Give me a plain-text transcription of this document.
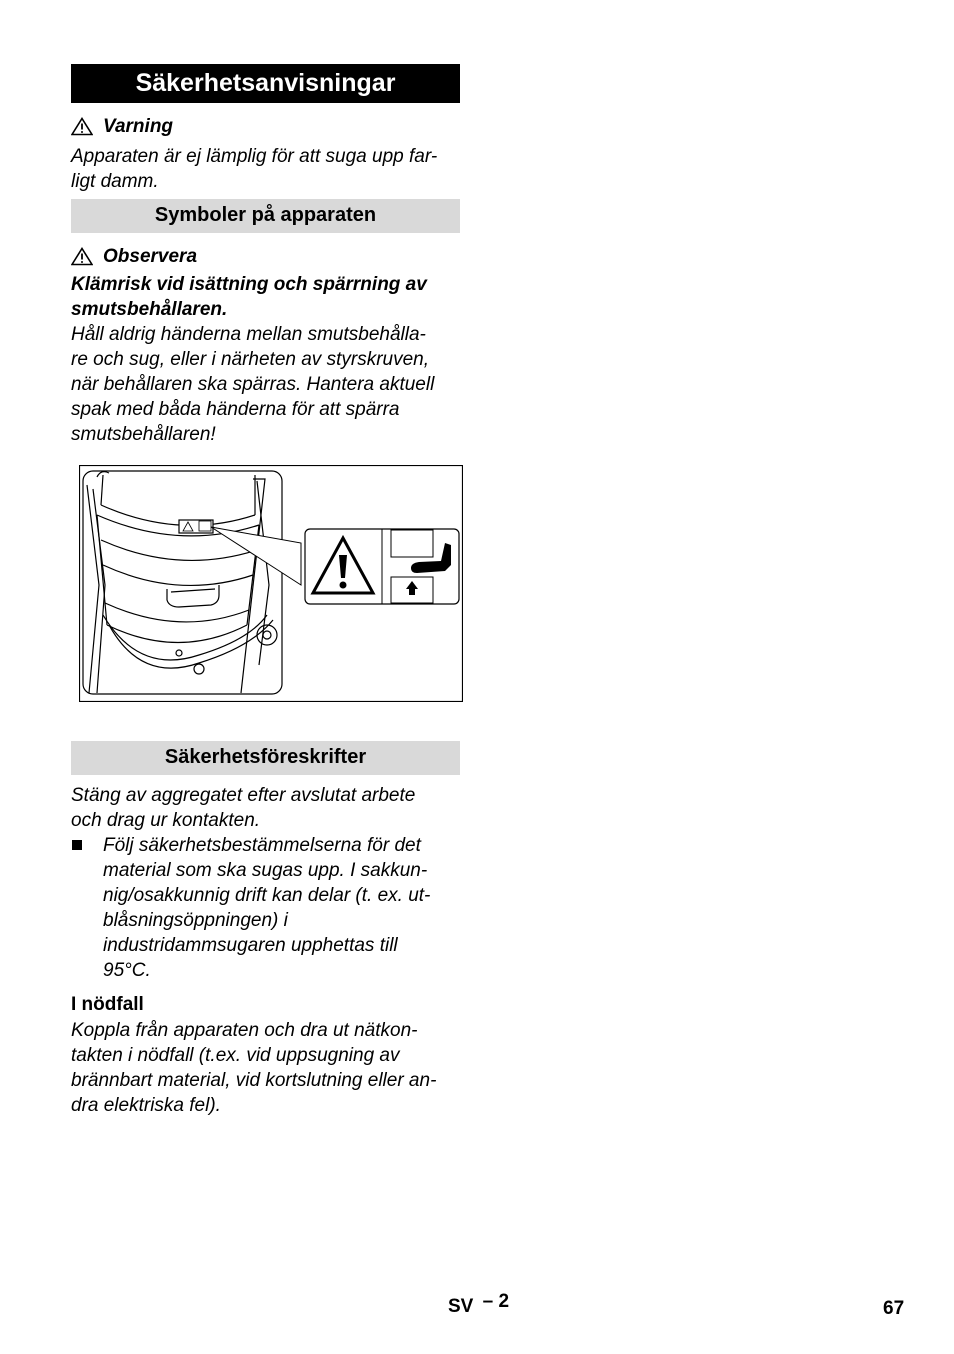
Säkerhetsanvisningar
Varning
Apparaten är ej lämplig för att suga upp far-
ligt damm.
Symboler på apparaten
Observera
Klämrisk vid isättning och spärrning av
smutsbehållaren.
Håll aldrig händerna mellan smutsbehålla-
re och sug, eller i närheten av styrskruven,
när behållaren ska spärras. Hantera aktuell
spak med båda händerna för att spärra
smutsbehållaren!
Säkerhetsföreskrifter
Stäng av aggregatet efter avslutat arbete
och drag ur kontakten.
Följ säkerhetsbestämmelserna för det
material som ska sugas upp. I sakkun-
nig/osakkunnig drift kan delar (t. ex. ut-
blåsningsöppningen) i
industridammsugaren upphettas till
95°C.
I nödfall
Koppla från apparaten och dra ut nätkon-
takten i nödfall (t.ex. vid uppsugning av
brännbart material, vid kortslutning eller an-
dra elektriska fel).
SV – 2	67
